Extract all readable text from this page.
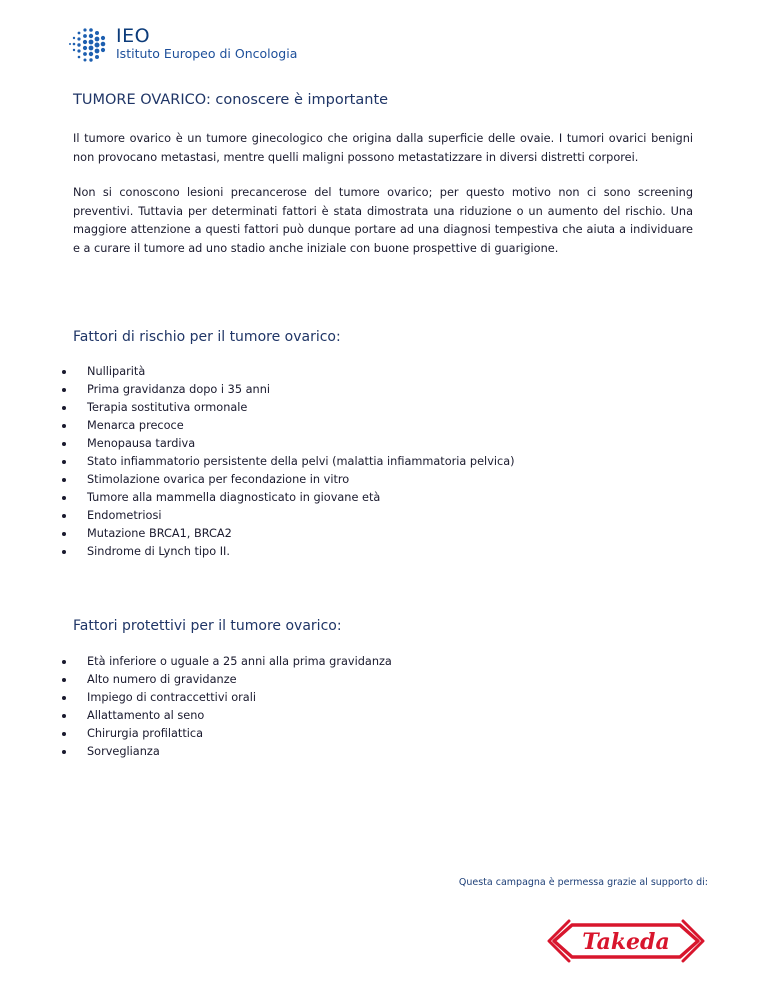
IEO
Istituto Europeo di Oncologia
TUMORE OVARICO: conoscere è importante

Il tumore ovarico è un tumore ginecologico che origina dalla superficie delle ovaie. I tumori ovarici benigni non provocano metastasi, mentre quelli maligni possono metastatizzare in diversi distretti corporei.

Non si conoscono lesioni precancerose del tumore ovarico; per questo motivo non ci sono screening preventivi. Tuttavia per determinati fattori è stata dimostrata una riduzione o un aumento del rischio. Una maggiore attenzione a questi fattori può dunque portare ad una diagnosi tempestiva che aiuta a individuare e a curare il tumore ad uno stadio anche iniziale con buone prospettive di guarigione.

Fattori di rischio per il tumore ovarico:
Nulliparità
Prima gravidanza dopo i 35 anni
Terapia sostitutiva ormonale
Menarca precoce
Menopausa tardiva
Stato infiammatorio persistente della pelvi (malattia infiammatoria pelvica)
Stimolazione ovarica per fecondazione in vitro
Tumore alla mammella diagnosticato in giovane età
Endometriosi
Mutazione BRCA1, BRCA2
Sindrome di Lynch tipo II.
Fattori protettivi per il tumore ovarico:
Età inferiore o uguale a 25 anni alla prima gravidanza
Alto numero di gravidanze
Impiego di contraccettivi orali
Allattamento al seno
Chirurgia profilattica
Sorveglianza
Questa campagna è permessa grazie al supporto di:
Takeda
